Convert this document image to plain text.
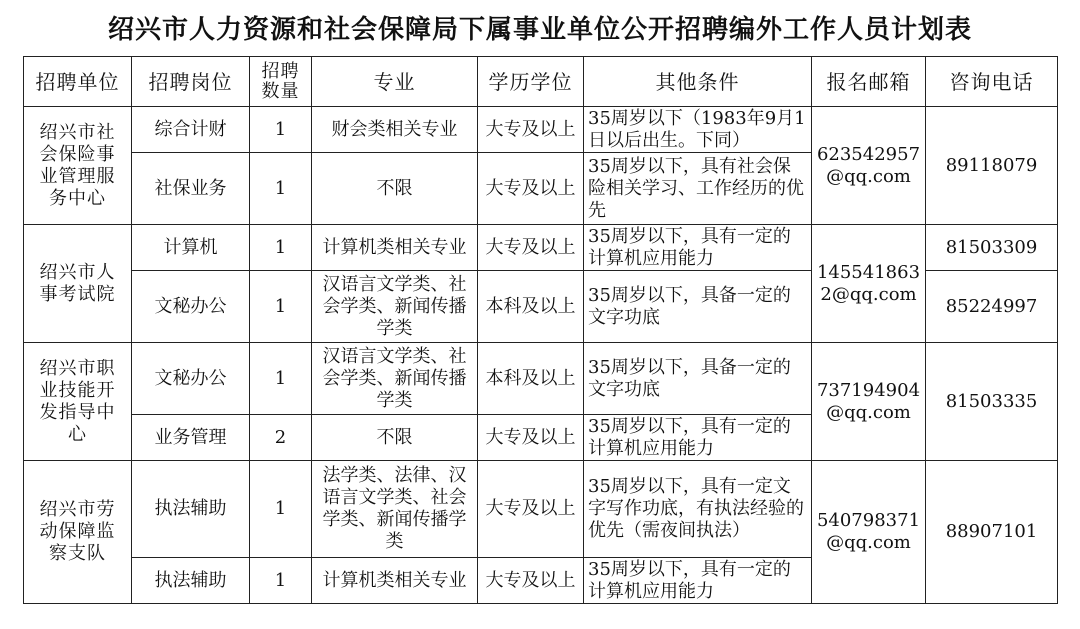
绍兴市人力资源和社会保障局下属事业单位公开招聘编外工作人员计划表
招聘单位	招聘岗位	招聘数量	专业	学历学位	其他条件	报名邮箱	咨询电话
绍兴市社会保险事业管理服务中心	综合计财	1	财会类相关专业	大专及以上	35周岁以下（1983年9月1日以后出生。下同）	623542957@qq.com	89118079
	社保业务	1	不限	大专及以上	35周岁以下，具有社会保险相关学习、工作经历的优先		
绍兴市人事考试院	计算机	1	计算机类相关专业	大专及以上	35周岁以下，具有一定的计算机应用能力	1455418632@qq.com	81503309
	文秘办公	1	汉语言文学类、社会学类、新闻传播学类	本科及以上	35周岁以下，具备一定的文字功底		85224997
绍兴市职业技能开发指导中心	文秘办公	1	汉语言文学类、社会学类、新闻传播学类	本科及以上	35周岁以下，具备一定的文字功底	737194904@qq.com	81503335
	业务管理	2	不限	大专及以上	35周岁以下，具有一定的计算机应用能力		
绍兴市劳动保障监察支队	执法辅助	1	法学类、法律、汉语言文学类、社会学类、新闻传播学类	大专及以上	35周岁以下，具有一定文字写作功底，有执法经验的优先（需夜间执法）	540798371@qq.com	88907101
	执法辅助	1	计算机类相关专业	大专及以上	35周岁以下，具有一定的计算机应用能力		
